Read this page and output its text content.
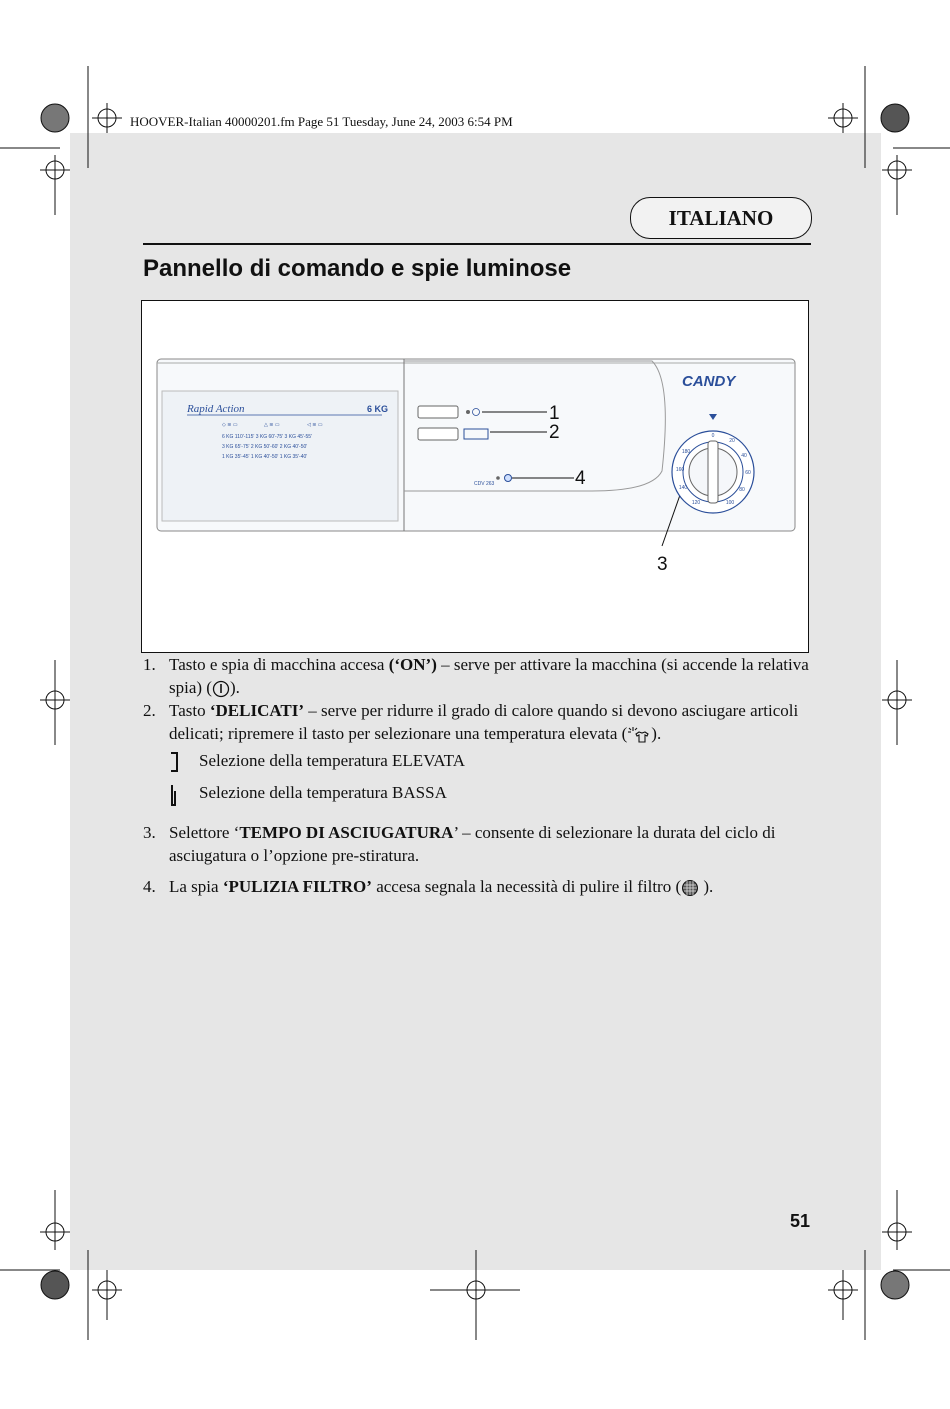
HOOVER-Italian 40000201.fm Page 51 Tuesday, June 24, 2003 6:54 PM
ITALIANO
Pannello di comando e spie luminose
Rapid Action	6 KG
◇ ≋ ▭	△ ≋ ▭	◁ ≋ ▭
6 KG 110'-115' 3 KG 60'-75' 3 KG 45'-55'
3 KG 65'-75' 2 KG 50'-60' 2 KG 40'-50'
1 KG 35'-45' 1 KG 40'-50' 1 KG 35'-40'
CDV 263
CANDY
0
20
40
60
80
100
120
140
160
180
1
2
3
4

1. Tasto e spia di macchina accesa (‘ON’) – serve per attivare la macchina (si accende la relativa spia) ( ).

2. Tasto ‘DELICATI’ – serve per ridurre il grado di calore quando si devono asciugare articoli delicati; ripremere il tasto per selezionare una temperatura elevata ( ).

Selezione della temperatura ELEVATA
Selezione della temperatura BASSA

3. Selettore ‘TEMPO DI ASCIUGATURA’ – consente di selezionare la durata del ciclo di asciugatura o l’opzione pre-stiratura.

4. La spia ‘PULIZIA FILTRO’ accesa segnala la necessità di pulire il filtro ( ).

51
